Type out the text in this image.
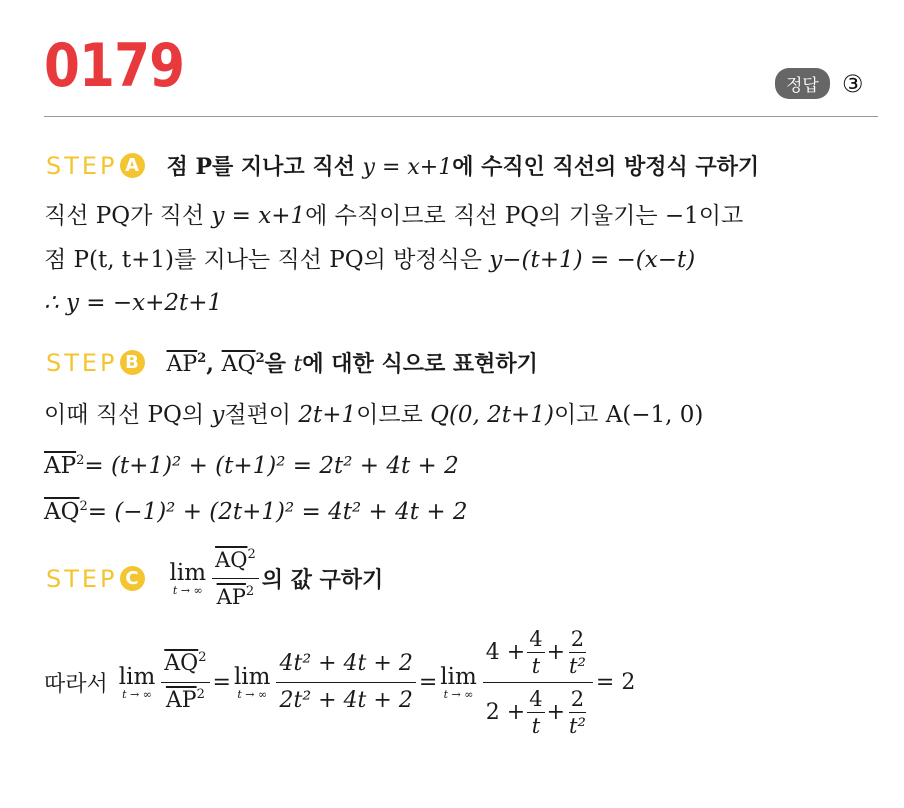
0179	정답 ③
STEP A 점 P를 지나고 직선 y = x+1에 수직인 직선의 방정식 구하기
직선 PQ가 직선 y = x+1에 수직이므로 직선 PQ의 기울기는 −1이고
점 P(t, t+1)를 지나는 직선 PQ의 방정식은 y−(t+1) = −(x−t)
∴ y = −x+2t+1
STEP B $\overline{AP}^2$, $\overline{AQ}^2$을 t에 대한 식으로 표현하기
이때 직선 PQ의 y절편이 2t+1이므로 Q(0, 2t+1)이고 A(−1, 0)
$\overline{AP}^2= (t+1)^2 + (t+1)^2 = 2t^2 + 4t + 2$
$\overline{AQ}^2= (-1)^2 + (2t+1)^2 = 4t^2 + 4t + 2$
STEP C lim
t → ∞ $\frac{\overline{AQ}^2}{\overline{AP}^2}$ 의 값 구하기
따라서 lim
t → ∞ $\frac{\overline{AQ}^2}{\overline{AP}^2} = \lim$
t → ∞ $\frac{\text{4t² + 4t + 2}}{\text{2t² + 4t + 2}} = \lim$
t → ∞ $\frac{4 + \frac{4}{t} + \frac{2}{\text{t²}}}{2 + \frac{4}{t} + \frac{2}{\text{t²}}} = 2$
